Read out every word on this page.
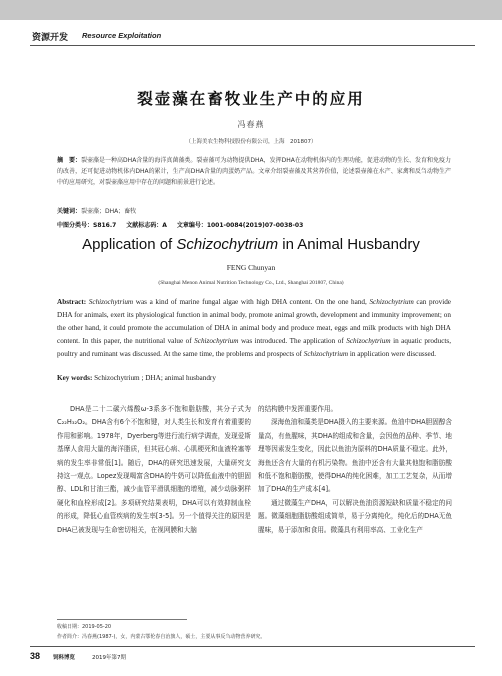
资源开发 Resource Exploitation
裂壶藻在畜牧业生产中的应用
冯春燕
（上海美农生物科技股份有限公司，上海　201807）
摘　要：裂壶藻是一种高DHA含量的海洋真菌藻类。裂壶藻可为动物提供DHA，发挥DHA在动物机体内的生理功能，促进动物的生长、发育和免疫力的改善，还可促进动物机体内DHA的累计，生产高DHA含量的肉蛋奶产品。文章介绍裂壶藻及其营养价值，论述裂壶藻在水产、家禽和反刍动物生产中的应用研究，对裂壶藻应用中存在的问题和前景进行论述。
关键词：裂壶藻；DHA；畜牧
中图分类号：S816.7 文献标志码：A 文章编号：1001-0084(2019)07-0038-03
Application of Schizochytrium in Animal Husbandry
FENG Chunyan
(Shanghai Menon Animal Nutrition Technology Co., Ltd., Shanghai 201807, China)
Abstract: Schizochytrium was a kind of marine fungal algae with high DHA content. On the one hand, Schizochytrium can provide DHA for animals, exert its physiological function in animal body, promote animal growth, development and immunity improvement; on the other hand, it could promote the accumulation of DHA in animal body and produce meat, eggs and milk products with high DHA content. In this paper, the nutritional value of Schizochytrium was introduced. The application of Schizochytrium in aquatic products, poultry and ruminant was discussed. At the same time, the problems and prospects of Schizochytrium in application were discussed.
Key words: Schizochytrium ; DHA; animal husbandry

DHA是二十二碳六烯酸ω-3系多不饱和脂肪酸，其分子式为C₂₂H₃₂O₂。DHA含有6个不饱和键，对人类生长和发育有着重要的作用和影响。1978年，Dyerberg等进行流行病学调查，发现爱斯基摩人食用大量的海洋脂质，但其冠心病、心肌梗死和血液栓塞等病的发生率非常低[1]。随后，DHA的研究迅速发展，大量研究支持这一观点。Lopez发现喝富含DHA的牛奶可以降低血液中的胆固醇、LDL和甘油三酯，减少血管平滑肌细胞的增殖，减少动脉粥样硬化和血栓形成[2]。多项研究结果表明，DHA可以有效抑制血栓的形成，降低心血管疾病的发生率[3-5]。另一个值得关注的原因是DHA已被发现与生命密切相关，在视网膜和大脑

的结构膜中发挥重要作用。

深海鱼油和藻类是DHA摄入的主要来源。鱼油中DHA胆固醇含量高，有鱼腥味，其DHA的组成和含量，会因鱼的品种、季节、地理等因素发生变化，因此以鱼油为原料的DHA质量不稳定。此外，海鱼还含有大量的有机污染物。鱼油中还含有大量其他饱和脂肪酸和低不饱和脂肪酸，使得DHA的纯化困难，加工工艺复杂，从而增加了DHA的生产成本[4]。

通过微藻生产DHA，可以解决鱼油资源短缺和质量不稳定的问题。微藻细胞脂肪酸组成简单，易于分离纯化，纯化后的DHA无鱼腥味，易于添加和食用。微藻具有利用率高、工业化生产

收稿日期：2019-05-20
作者简介：冯春燕(1987-)，女，内蒙古鄂伦春自治旗人，硕士，主要从事反刍动物营养研究。
38 饲料博览	2019年第7期
